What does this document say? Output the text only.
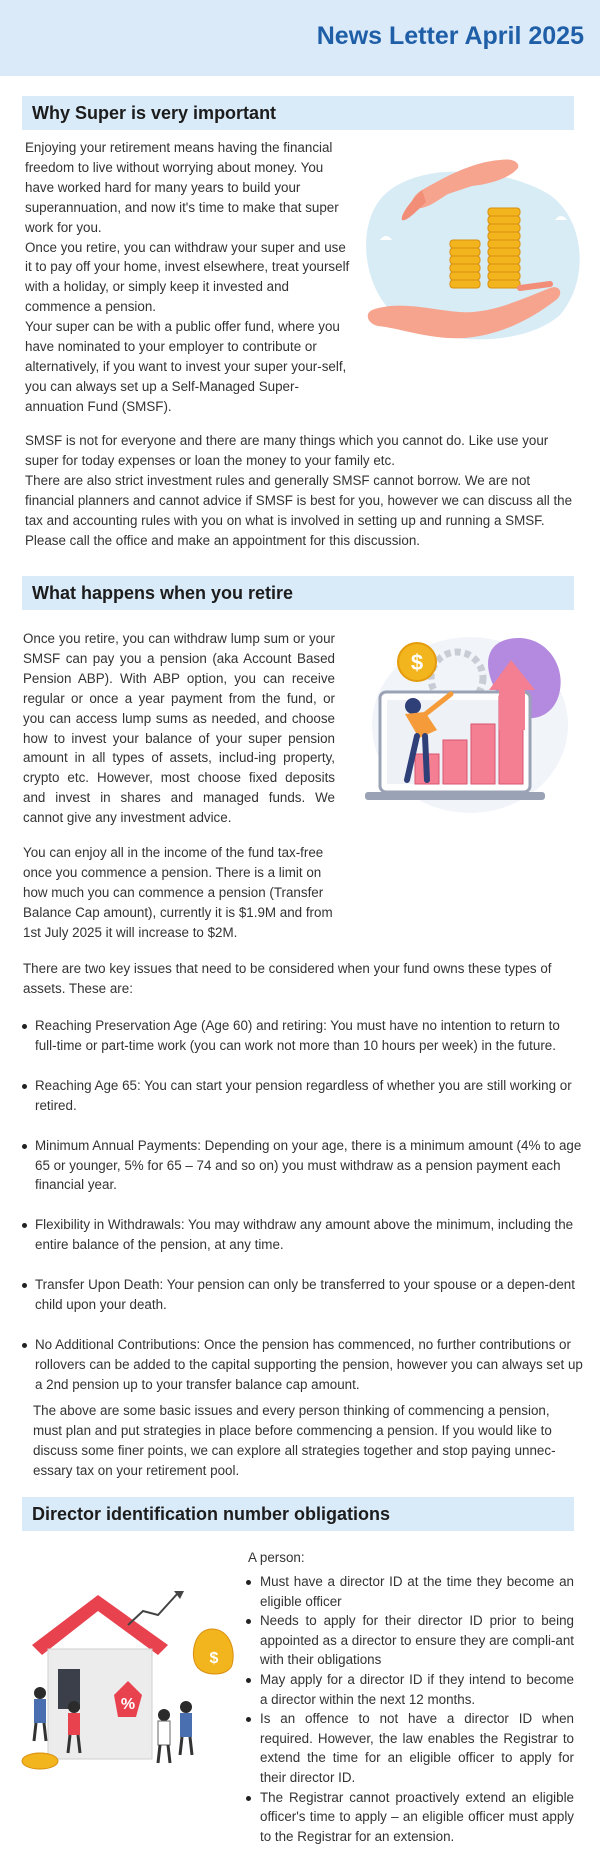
News Letter April 2025
Why Super is very important

Enjoying your retirement means having the financial freedom to live without worrying about money. You have worked hard for many years to build your superannuation, and now it's time to make that super work for you.

Once you retire, you can withdraw your super and use it to pay off your home, invest elsewhere, treat yourself with a holiday, or simply keep it invested and commence a pension.

Your super can be with a public offer fund, where you have nominated to your employer to contribute or alternatively, if you want to invest your super your-self, you can always set up a Self-Managed Super-annuation Fund (SMSF).

SMSF is not for everyone and there are many things which you cannot do. Like use your super for today expenses or loan the money to your family etc.

There are also strict investment rules and generally SMSF cannot borrow. We are not financial planners and cannot advice if SMSF is best for you, however we can discuss all the tax and accounting rules with you on what is involved in setting up and running a SMSF. Please call the office and make an appointment for this discussion.

What happens when you retire
Once you retire, you can withdraw lump sum or your SMSF can pay you a pension (aka Account Based Pension ABP). With ABP option, you can receive regular or once a year payment from the fund, or you can access lump sums as needed, and choose how to invest your balance of your super pension amount in all types of assets, includ-ing property, crypto etc. However, most choose fixed deposits and invest in shares and managed funds. We cannot give any investment advice.
You can enjoy all in the income of the fund tax-free once you commence a pension. There is a limit on how much you can commence a pension (Transfer Balance Cap amount), currently it is $1.9M and from 1st July 2025 it will increase to $2M.
$
There are two key issues that need to be considered when your fund owns these types of assets. These are:
Reaching Preservation Age (Age 60) and retiring: You must have no intention to return to full-time or part-time work (you can work not more than 10 hours per week) in the future.
Reaching Age 65: You can start your pension regardless of whether you are still working or retired.
Minimum Annual Payments: Depending on your age, there is a minimum amount (4% to age 65 or younger, 5% for 65 – 74 and so on) you must withdraw as a pension payment each financial year.
Flexibility in Withdrawals: You may withdraw any amount above the minimum, including the entire balance of the pension, at any time.
Transfer Upon Death: Your pension can only be transferred to your spouse or a depen-dent child upon your death.
No Additional Contributions: Once the pension has commenced, no further contributions or rollovers can be added to the capital supporting the pension, however you can always set up a 2nd pension up to your transfer balance cap amount.
The above are some basic issues and every person thinking of commencing a pension, must plan and put strategies in place before commencing a pension. If you would like to discuss some finer points, we can explore all strategies together and stop paying unnec-essary tax on your retirement pool.
Director identification number obligations
A person:
Must have a director ID at the time they become an eligible officer
Needs to apply for their director ID prior to being appointed as a director to ensure they are compli-ant with their obligations
May apply for a director ID if they intend to become a director within the next 12 months.
Is an offence to not have a director ID when required. However, the law enables the Registrar to extend the time for an eligible officer to apply for their director ID.
The Registrar cannot proactively extend an eligible officer's time to apply – an eligible officer must apply to the Registrar for an extension.
$
%
